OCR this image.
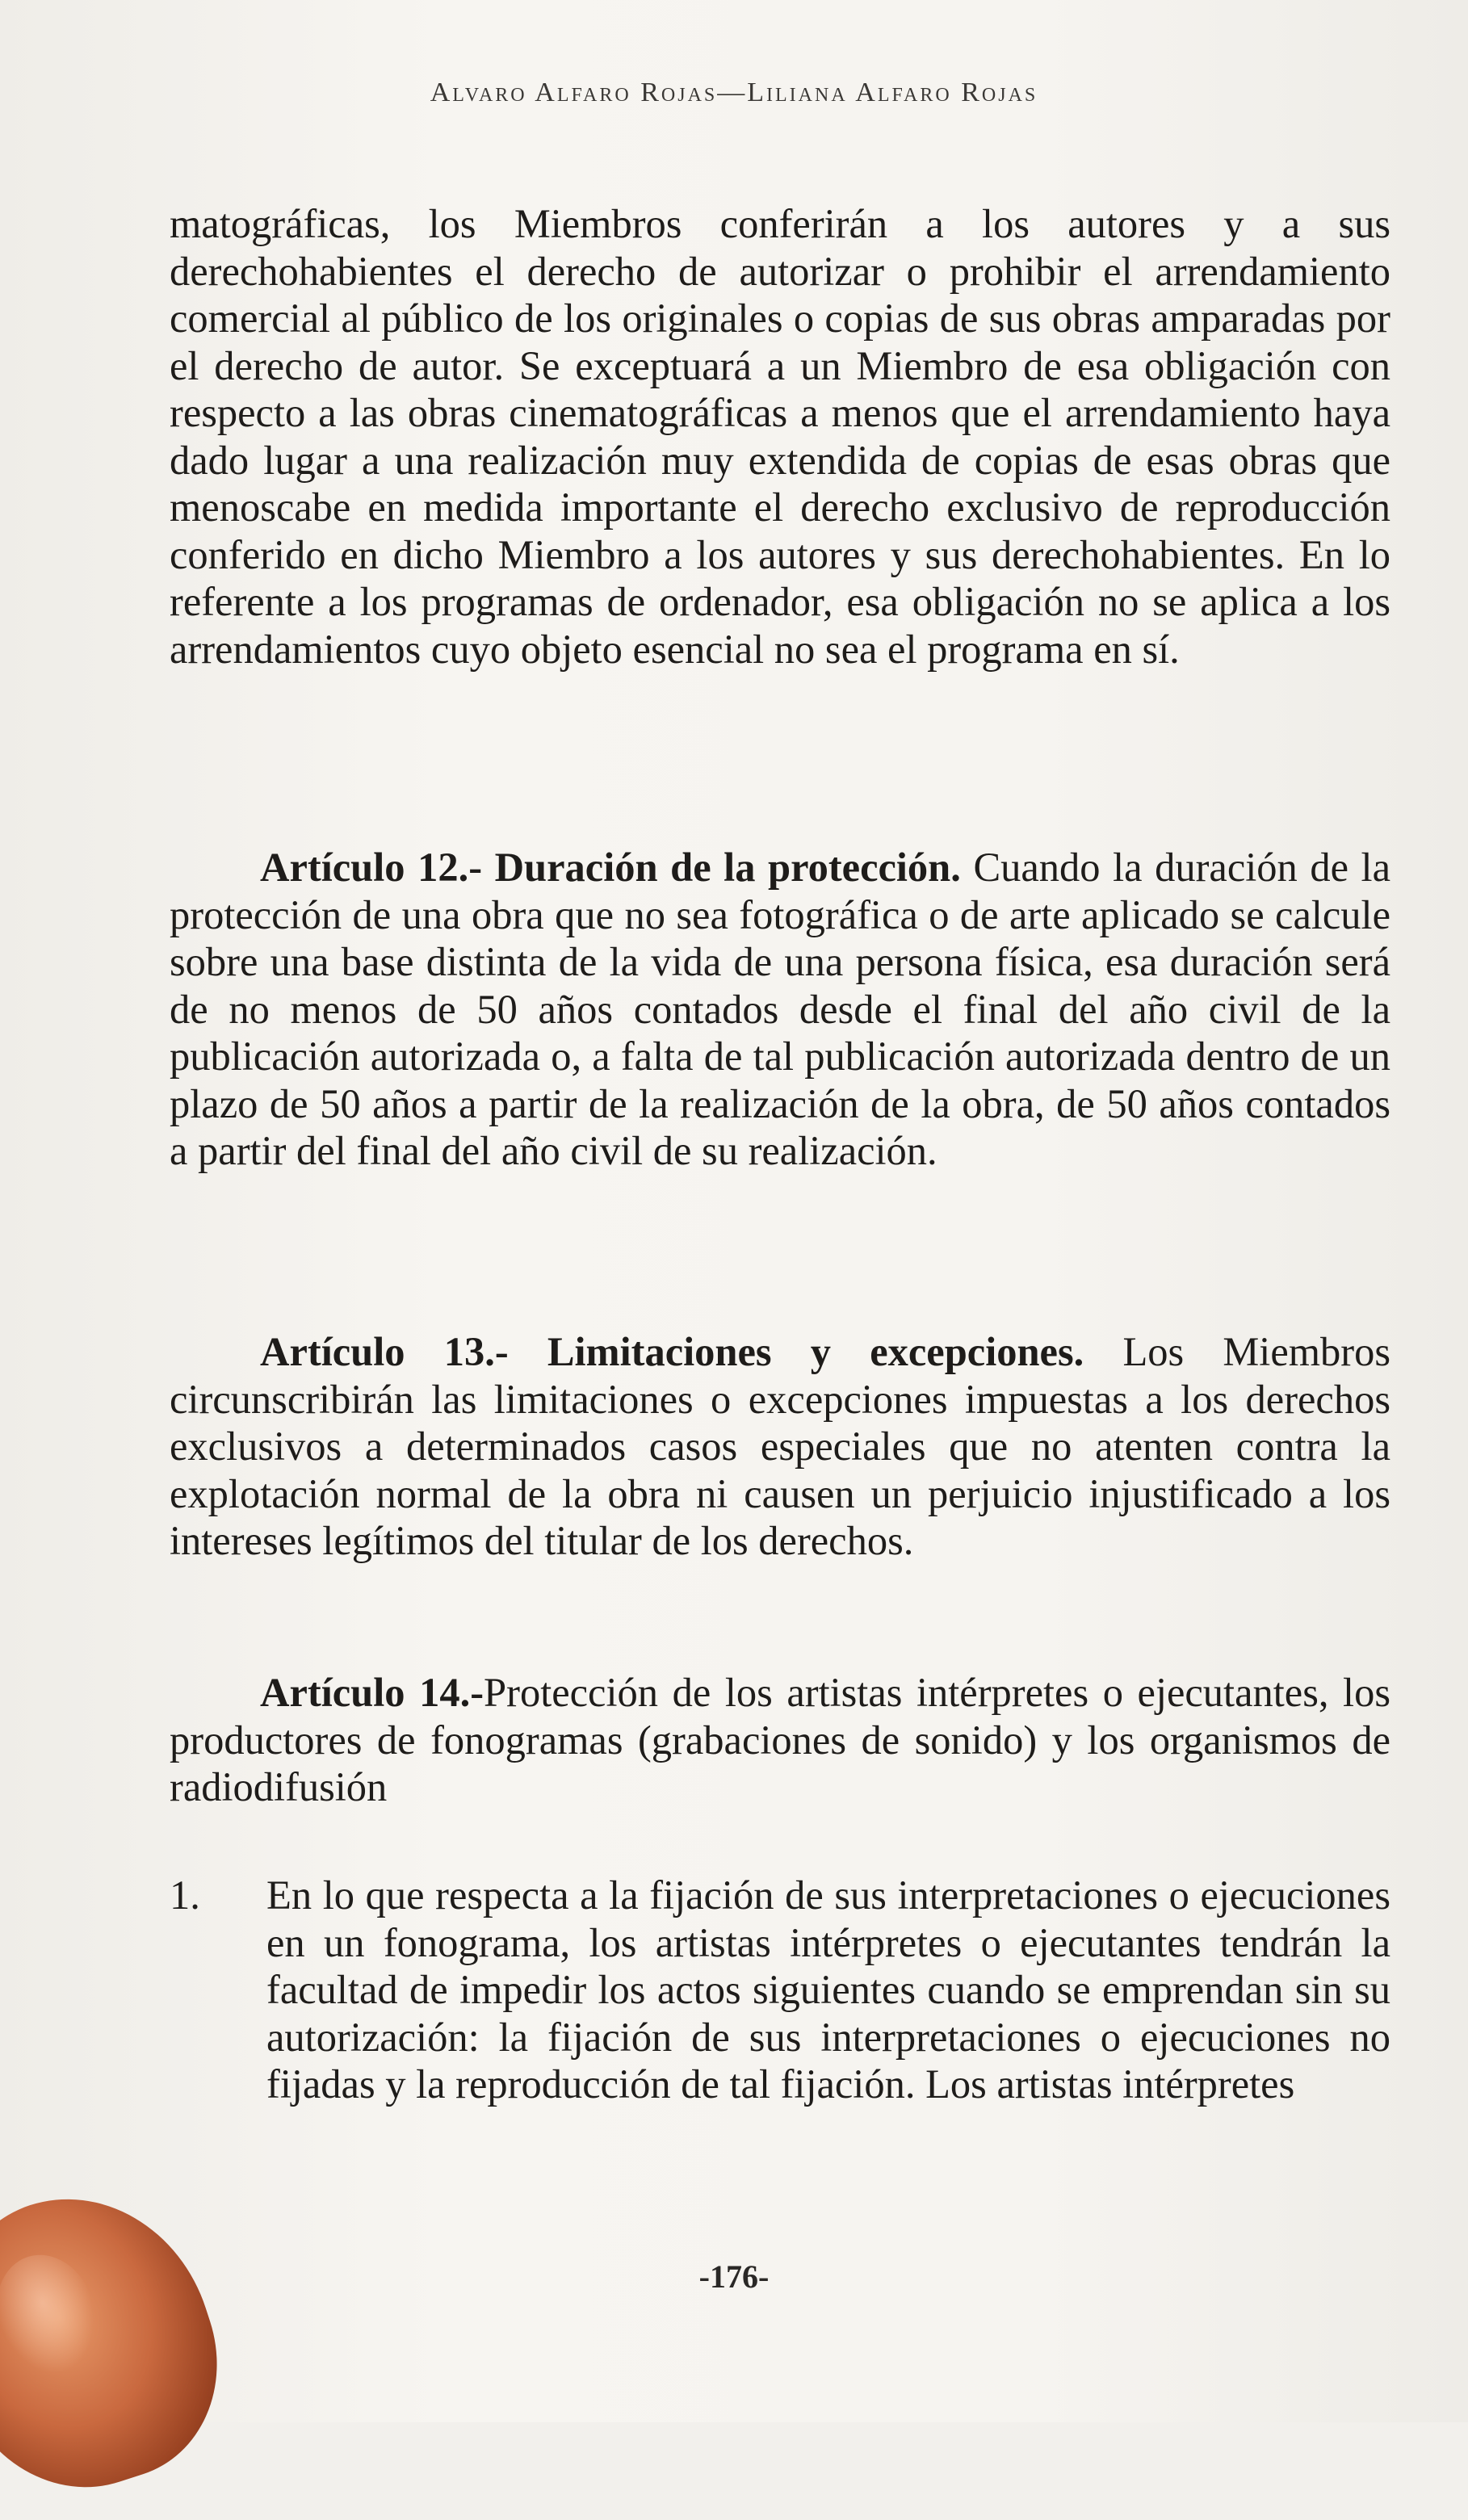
Alvaro Alfaro Rojas—Liliana Alfaro Rojas

matográficas, los Miembros conferirán a los autores y a sus derechohabientes el derecho de autorizar o prohibir el arrendamiento comercial al público de los originales o copias de sus obras amparadas por el derecho de autor. Se exceptuará a un Miembro de esa obligación con respecto a las obras cinematográficas a menos que el arrendamiento haya dado lugar a una realización muy extendida de copias de esas obras que menoscabe en medida importante el derecho exclusivo de reproducción conferido en dicho Miembro a los autores y sus derechohabientes. En lo referente a los programas de ordenador, esa obligación no se aplica a los arrendamientos cuyo objeto esencial no sea el programa en sí.

Artículo 12.- Duración de la protección. Cuando la duración de la protección de una obra que no sea fotográfica o de arte aplicado se calcule sobre una base distinta de la vida de una persona física, esa duración será de no menos de 50 años contados desde el final del año civil de la publicación autorizada o, a falta de tal publicación autorizada dentro de un plazo de 50 años a partir de la realización de la obra, de 50 años contados a partir del final del año civil de su realización.

Artículo 13.- Limitaciones y excepciones. Los Miembros circunscribirán las limitaciones o excepciones impuestas a los derechos exclusivos a determinados casos especiales que no atenten contra la explotación normal de la obra ni causen un perjuicio injustificado a los intereses legítimos del titular de los derechos.

Artículo 14.-Protección de los artistas intérpretes o ejecutantes, los productores de fonogramas (grabaciones de sonido) y los organismos de radiodifusión

1.	En lo que respecta a la fijación de sus interpretaciones o ejecuciones en un fonograma, los artistas intérpretes o ejecutantes tendrán la facultad de impedir los actos siguientes cuando se emprendan sin su autorización: la fijación de sus interpretaciones o ejecuciones no fijadas y la reproducción de tal fijación. Los artistas intérpretes
-176-
